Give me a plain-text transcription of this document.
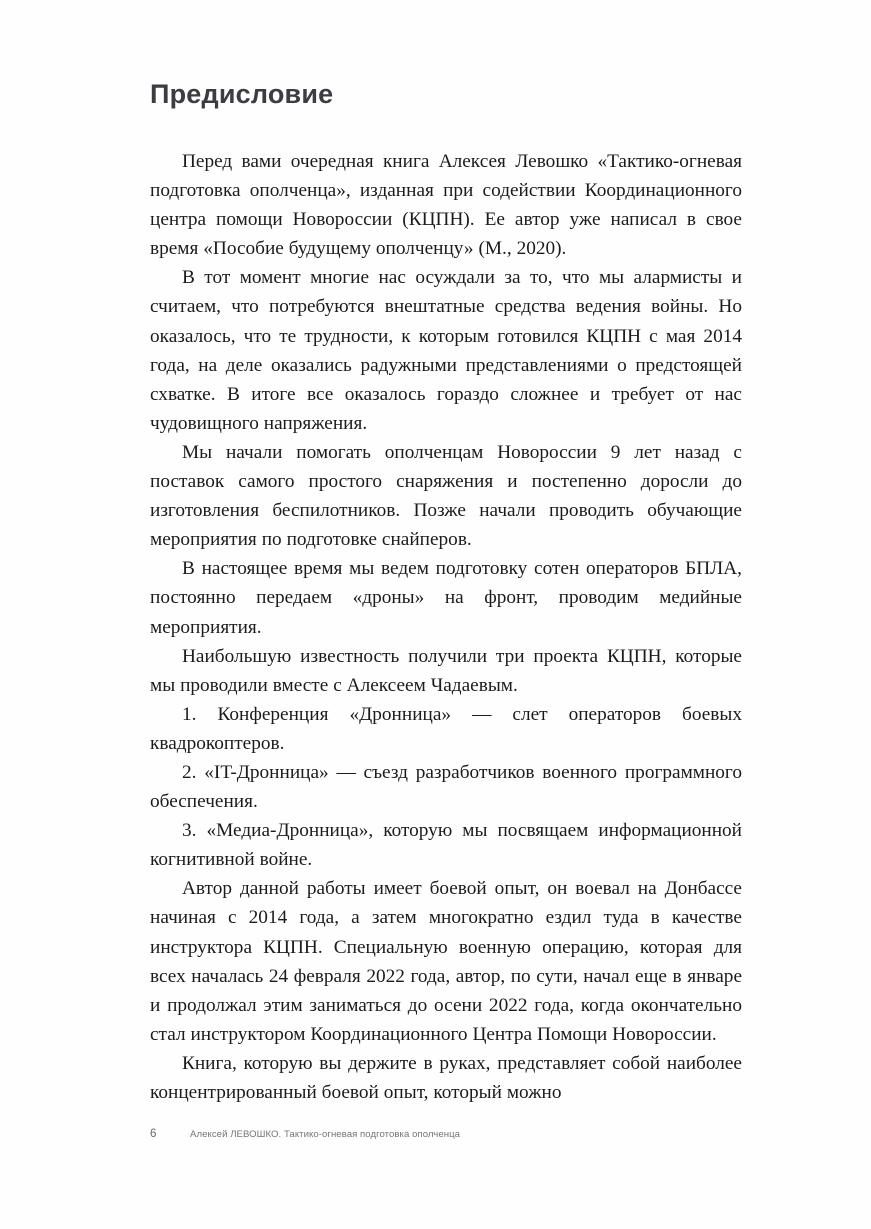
Предисловие

Перед вами очередная книга Алексея Левошко «Тактико-огневая подготовка ополченца», изданная при содействии Координационного центра помощи Новороссии (КЦПН). Ее автор уже написал в свое время «Пособие будущему ополченцу» (М., 2020).

В тот момент многие нас осуждали за то, что мы алармисты и считаем, что потребуются внештатные средства ведения войны. Но оказалось, что те трудности, к которым готовился КЦПН с мая 2014 года, на деле оказались радужными представлениями о предстоящей схватке. В итоге все оказалось гораздо сложнее и требует от нас чудовищного напряжения.

Мы начали помогать ополченцам Новороссии 9 лет назад с поставок самого простого снаряжения и постепенно доросли до изготовления беспилотников. Позже начали проводить обучающие мероприятия по подготовке снайперов.

В настоящее время мы ведем подготовку сотен операторов БПЛА, постоянно передаем «дроны» на фронт, проводим медийные мероприятия.

Наибольшую известность получили три проекта КЦПН, которые мы проводили вместе с Алексеем Чадаевым.

1. Конференция «Дронница» — слет операторов боевых квадрокоптеров.

2. «IT-Дронница» — съезд разработчиков военного программного обеспечения.

3. «Медиа-Дронница», которую мы посвящаем информационной когнитивной войне.

Автор данной работы имеет боевой опыт, он воевал на Донбассе начиная с 2014 года, а затем многократно ездил туда в качестве инструктора КЦПН. Специальную военную операцию, которая для всех началась 24 февраля 2022 года, автор, по сути, начал еще в январе и продолжал этим заниматься до осени 2022 года, когда окончательно стал инструктором Координационного Центра Помощи Новороссии.

Книга, которую вы держите в руках, представляет собой наиболее концентрированный боевой опыт, который можно

6	Алексей ЛЕВОШКО. Тактико-огневая подготовка ополченца
